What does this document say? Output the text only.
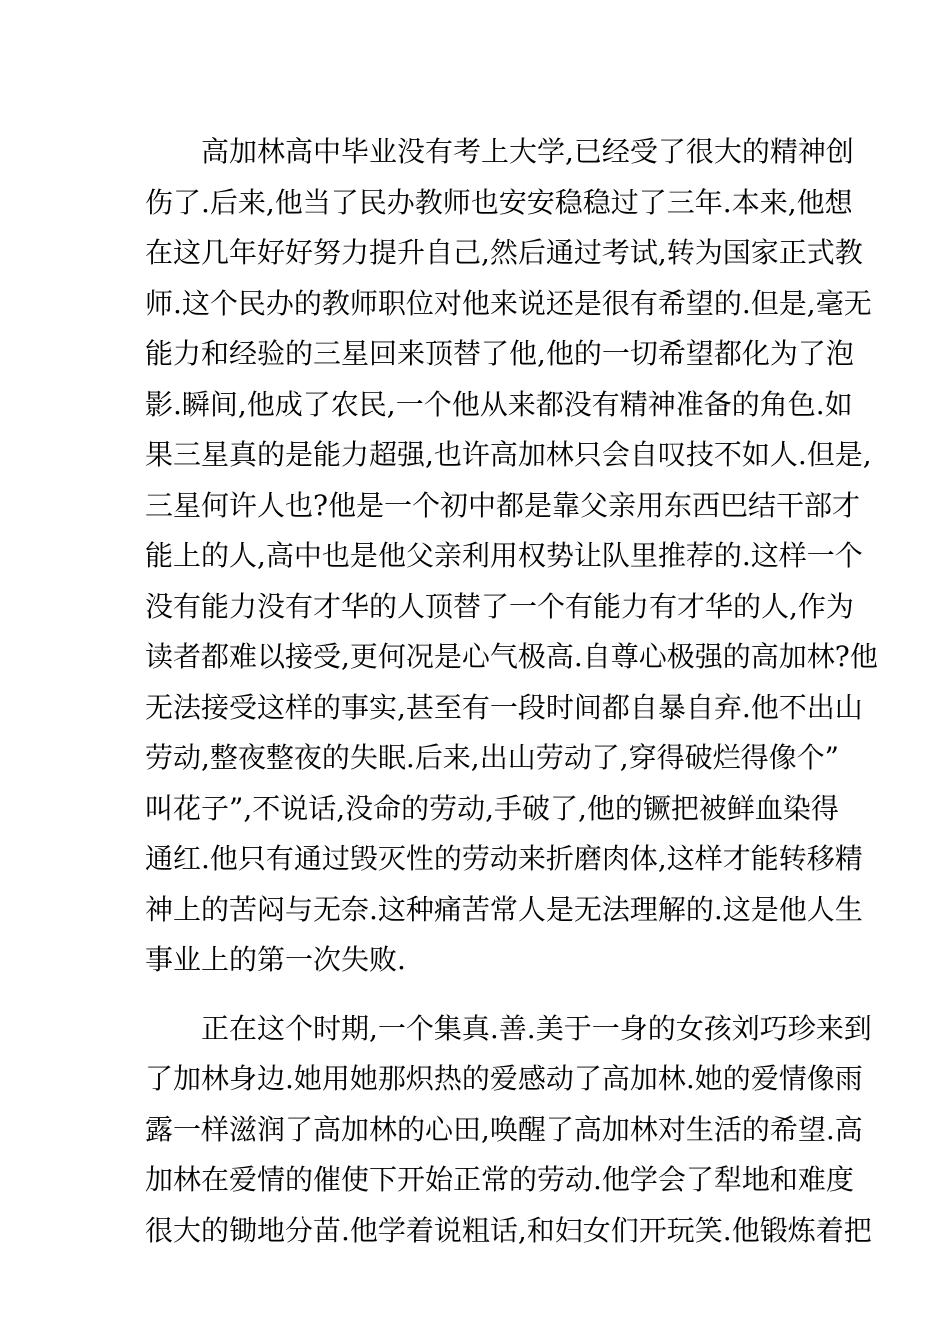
高加林高中毕业没有考上大学,已经受了很大的精神创
伤了.后来,他当了民办教师也安安稳稳过了三年.本来,他想
在这几年好好努力提升自己,然后通过考试,转为国家正式教
师.这个民办的教师职位对他来说还是很有希望的.但是,毫无
能力和经验的三星回来顶替了他,他的一切希望都化为了泡
影.瞬间,他成了农民,一个他从来都没有精神准备的角色.如
果三星真的是能力超强,也许高加林只会自叹技不如人.但是,
三星何许人也?他是一个初中都是靠父亲用东西巴结干部才
能上的人,高中也是他父亲利用权势让队里推荐的.这样一个
没有能力没有才华的人顶替了一个有能力有才华的人,作为
读者都难以接受,更何况是心气极高.自尊心极强的高加林?他
无法接受这样的事实,甚至有一段时间都自暴自弃.他不出山
劳动,整夜整夜的失眠.后来,出山劳动了,穿得破烂得像个”
叫花子”,不说话,没命的劳动,手破了,他的镢把被鲜血染得
通红.他只有通过毁灭性的劳动来折磨肉体,这样才能转移精
神上的苦闷与无奈.这种痛苦常人是无法理解的.这是他人生
事业上的第一次失败.
正在这个时期,一个集真.善.美于一身的女孩刘巧珍来到
了加林身边.她用她那炽热的爱感动了高加林.她的爱情像雨
露一样滋润了高加林的心田,唤醒了高加林对生活的希望.高
加林在爱情的催使下开始正常的劳动.他学会了犁地和难度
很大的锄地分苗.他学着说粗话,和妇女们开玩笑.他锻炼着把
